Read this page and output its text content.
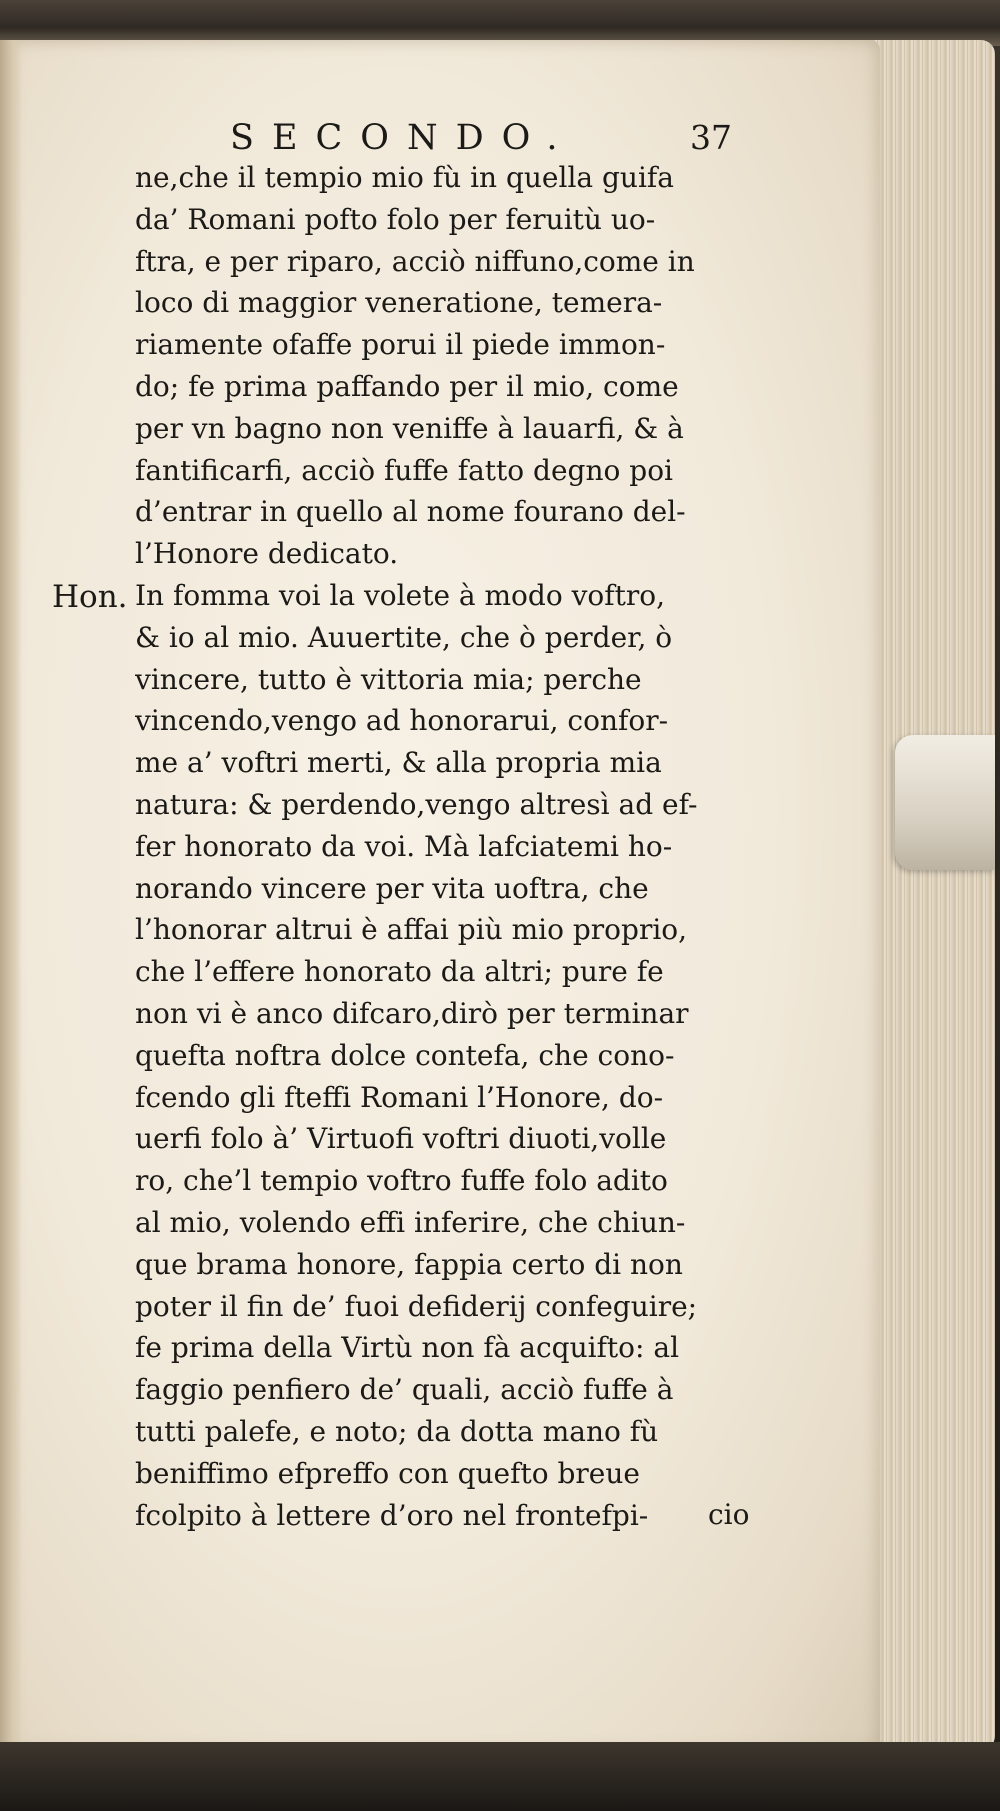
SECONDO.	37
Hon.
ne,che il tempio mio fù in quella guifa
da’ Romani pofto folo per feruitù uo-
ftra, e per riparo, acciò niffuno,come in
loco di maggior veneratione, temera-
riamente ofaffe porui il piede immon-
do; fe prima paffando per il mio, come
per vn bagno non veniffe à lauarfi, & à
fantificarfi, acciò fuffe fatto degno poi
d’entrar in quello al nome fourano del-
l’Honore dedicato.
In fomma voi la volete à modo voftro,
& io al mio. Auuertite, che ò perder, ò
vincere, tutto è vittoria mia; perche
vincendo,vengo ad honorarui, confor-
me a’ voftri merti, & alla propria mia
natura: & perdendo,vengo altresì ad ef-
fer honorato da voi. Mà lafciatemi ho-
norando vincere per vita uoftra, che
l’honorar altrui è affai più mio proprio,
che l’effere honorato da altri; pure fe
non vi è anco difcaro,dirò per terminar
quefta noftra dolce contefa, che cono-
fcendo gli fteffi Romani l’Honore, do-
uerfi folo à’ Virtuofi voftri diuoti,volle
ro, che’l tempio voftro fuffe folo adito
al mio, volendo effi inferire, che chiun-
que brama honore, fappia certo di non
poter il fin de’ fuoi defiderij confeguire;
fe prima della Virtù non fà acquifto: al
faggio penfiero de’ quali, acciò fuffe à
tutti palefe, e noto; da dotta mano fù
beniffimo efpreffo con quefto breue
fcolpito à lettere d’oro nel frontefpi-	cio
